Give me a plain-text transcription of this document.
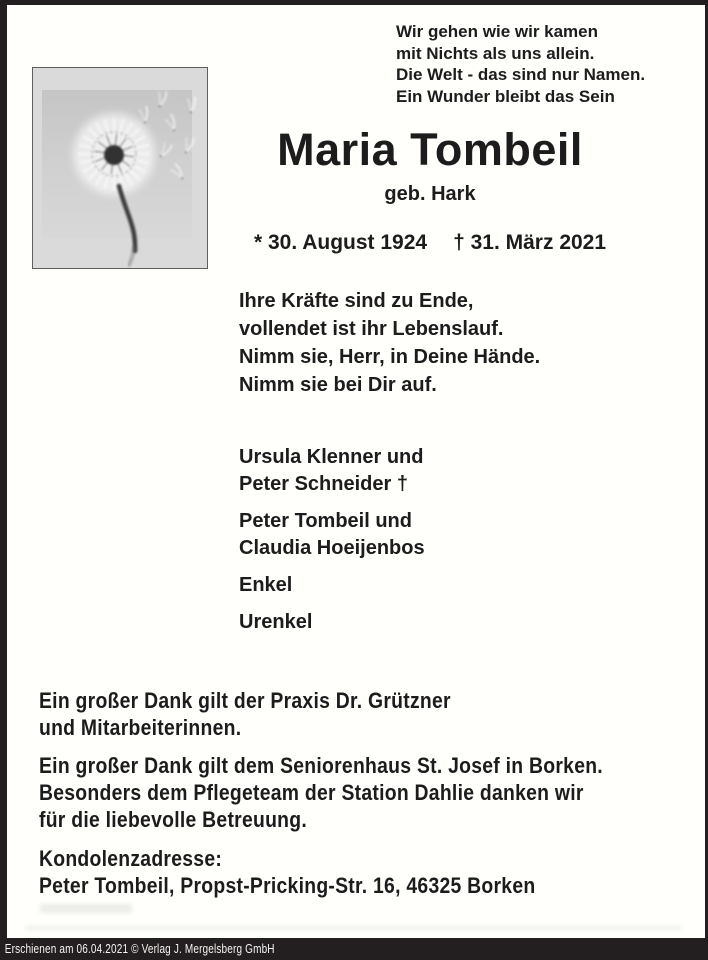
Wir gehen wie wir kamen
mit Nichts als uns allein.
Die Welt - das sind nur Namen.
Ein Wunder bleibt das Sein
Maria Tombeil
geb. Hark
* 30. August 1924 † 31. März 2021
Ihre Kräfte sind zu Ende,
vollendet ist ihr Lebenslauf.
Nimm sie, Herr, in Deine Hände.
Nimm sie bei Dir auf.
Ursula Klenner und
Peter Schneider †
Peter Tombeil und
Claudia Hoeijenbos
Enkel
Urenkel
Ein großer Dank gilt der Praxis Dr. Grützner
und Mitarbeiterinnen.
Ein großer Dank gilt dem Seniorenhaus St. Josef in Borken.
Besonders dem Pflegeteam der Station Dahlie danken wir
für die liebevolle Betreuung.
Kondolenzadresse:
Peter Tombeil, Propst-Pricking-Str. 16, 46325 Borken
Erschienen am 06.04.2021 © Verlag J. Mergelsberg GmbH
